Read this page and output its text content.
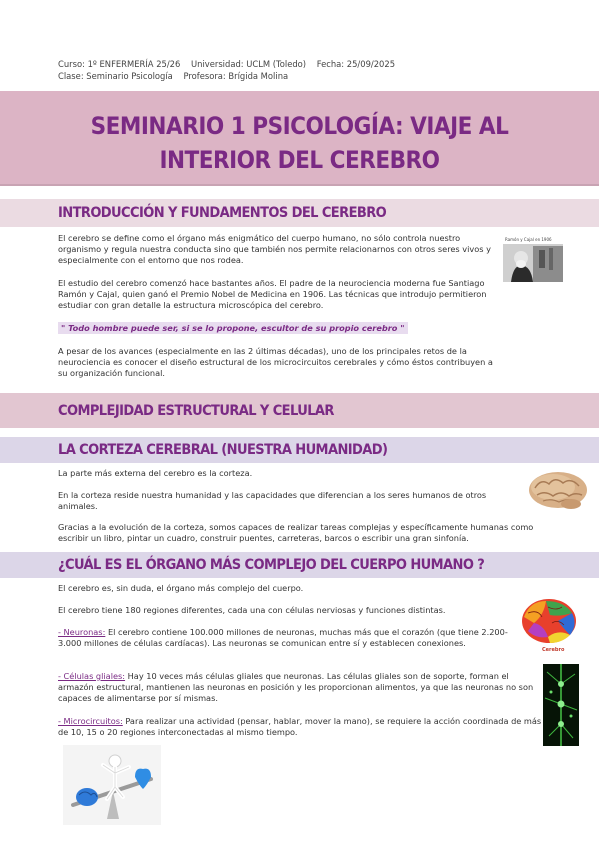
Curso: 1º ENFERMERÍA 25/26 Universidad: UCLM (Toledo) Fecha: 25/09/2025
Clase: Seminario Psicología Profesora: Brígida Molina
SEMINARIO 1 PSICOLOGÍA: VIAJE AL INTERIOR DEL CEREBRO
INTRODUCCIÓN Y FUNDAMENTOS DEL CEREBRO
El cerebro se define como el órgano más enigmático del cuerpo humano, no sólo controla nuestro organismo y regula nuestra conducta sino que también nos permite relacionarnos con otros seres vivos y especialmente con el entorno que nos rodea.
El estudio del cerebro comenzó hace bastantes años. El padre de la neurociencia moderna fue Santiago Ramón y Cajal, quien ganó el Premio Nobel de Medicina en 1906. Las técnicas que introdujo permitieron estudiar con gran detalle la estructura microscópica del cerebro.
" Todo hombre puede ser, si se lo propone, escultor de su propio cerebro "
A pesar de los avances (especialmente en las 2 últimas décadas), uno de los principales retos de la neurociencia es conocer el diseño estructural de los microcircuitos cerebrales y cómo éstos contribuyen a su organización funcional.
Ramón y Cajal en 1906
COMPLEJIDAD ESTRUCTURAL Y CELULAR
LA CORTEZA CEREBRAL (NUESTRA HUMANIDAD)
La parte más externa del cerebro es la corteza.
En la corteza reside nuestra humanidad y las capacidades que diferencian a los seres humanos de otros animales.
Gracias a la evolución de la corteza, somos capaces de realizar tareas complejas y específicamente humanas como escribir un libro, pintar un cuadro, construir puentes, carreteras, barcos o escribir una gran sinfonía.
¿CUÁL ES EL ÓRGANO MÁS COMPLEJO DEL CUERPO HUMANO ?
El cerebro es, sin duda, el órgano más complejo del cuerpo.
El cerebro tiene 180 regiones diferentes, cada una con células nerviosas y funciones distintas.
- Neuronas: El cerebro contiene 100.000 millones de neuronas, muchas más que el corazón (que tiene 2.200-3.000 millones de células cardíacas). Las neuronas se comunican entre sí y establecen conexiones.
- Células gliales: Hay 10 veces más células gliales que neuronas. Las células gliales son de soporte, forman el armazón estructural, mantienen las neuronas en posición y les proporcionan alimentos, ya que las neuronas no son capaces de alimentarse por sí mismas.
- Microcircuitos: Para realizar una actividad (pensar, hablar, mover la mano), se requiere la acción coordinada de más de 10, 15 o 20 regiones interconectadas al mismo tiempo.
Cerebro
